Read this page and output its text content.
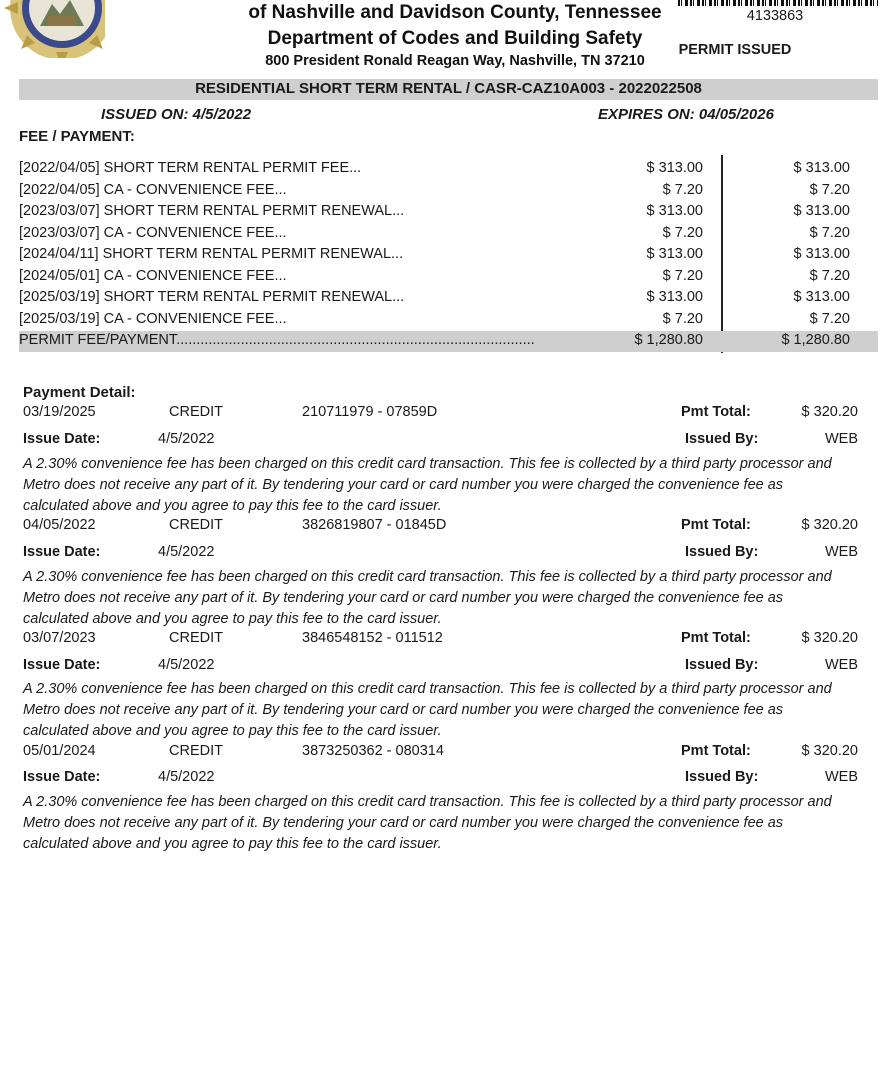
of Nashville and Davidson County, Tennessee
Department of Codes and Building Safety
800 President Ronald Reagan Way, Nashville, TN 37210
4133863
PERMIT ISSUED
RESIDENTIAL SHORT TERM RENTAL / CASR-CAZ10A003 - 2022022508
ISSUED ON: 4/5/2022	EXPIRES ON: 04/05/2026
FEE / PAYMENT:
[2022/04/05] SHORT TERM RENTAL PERMIT FEE...	$ 313.00	$ 313.00
[2022/04/05] CA - CONVENIENCE FEE...	$ 7.20	$ 7.20
[2023/03/07] SHORT TERM RENTAL PERMIT RENEWAL...	$ 313.00	$ 313.00
[2023/03/07] CA - CONVENIENCE FEE...	$ 7.20	$ 7.20
[2024/04/11] SHORT TERM RENTAL PERMIT RENEWAL...	$ 313.00	$ 313.00
[2024/05/01] CA - CONVENIENCE FEE...	$ 7.20	$ 7.20
[2025/03/19] SHORT TERM RENTAL PERMIT RENEWAL...	$ 313.00	$ 313.00
[2025/03/19] CA - CONVENIENCE FEE...	$ 7.20	$ 7.20
PERMIT FEE/PAYMENT.........................................................................................	$ 1,280.80	$ 1,280.80
Payment Detail:
03/19/2025	CREDIT	210711979 - 07859D	Pmt Total:	$ 320.20
Issue Date:	4/5/2022	Issued By:	WEB
A 2.30% convenience fee has been charged on this credit card transaction. This fee is collected by a third party processor and Metro does not receive any part of it. By tendering your card or card number you were charged the convenience fee as calculated above and you agree to pay this fee to the card issuer.
04/05/2022	CREDIT	3826819807 - 01845D	Pmt Total:	$ 320.20
Issue Date:	4/5/2022	Issued By:	WEB
A 2.30% convenience fee has been charged on this credit card transaction. This fee is collected by a third party processor and Metro does not receive any part of it. By tendering your card or card number you were charged the convenience fee as calculated above and you agree to pay this fee to the card issuer.
03/07/2023	CREDIT	3846548152 - 011512	Pmt Total:	$ 320.20
Issue Date:	4/5/2022	Issued By:	WEB
A 2.30% convenience fee has been charged on this credit card transaction. This fee is collected by a third party processor and Metro does not receive any part of it. By tendering your card or card number you were charged the convenience fee as calculated above and you agree to pay this fee to the card issuer.
05/01/2024	CREDIT	3873250362 - 080314	Pmt Total:	$ 320.20
Issue Date:	4/5/2022	Issued By:	WEB
A 2.30% convenience fee has been charged on this credit card transaction. This fee is collected by a third party processor and Metro does not receive any part of it. By tendering your card or card number you were charged the convenience fee as calculated above and you agree to pay this fee to the card issuer.
